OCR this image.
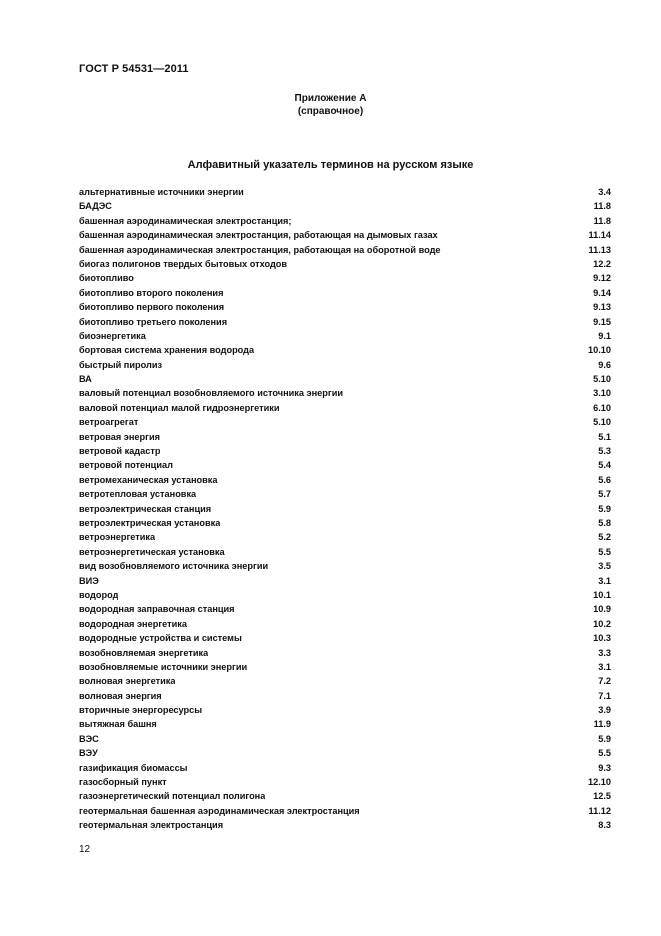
ГОСТ Р 54531—2011
Приложение А
(справочное)
Алфавитный указатель терминов на русском языке
альтернативные источники энергии	3.4
БАДЭС	11.8
башенная аэродинамическая электростанция;	11.8
башенная аэродинамическая электростанция, работающая на дымовых газах	11.14
башенная аэродинамическая электростанция, работающая на оборотной воде	11.13
биогаз полигонов твердых бытовых отходов	12.2
биотопливо	9.12
биотопливо второго поколения	9.14
биотопливо первого поколения	9.13
биотопливо третьего поколения	9.15
биоэнергетика	9.1
бортовая система хранения водорода	10.10
быстрый пиролиз	9.6
ВА	5.10
валовый потенциал возобновляемого источника энергии	3.10
валовой потенциал малой гидроэнергетики	6.10
ветроагрегат	5.10
ветровая энергия	5.1
ветровой кадастр	5.3
ветровой потенциал	5.4
ветромеханическая установка	5.6
ветротепловая установка	5.7
ветроэлектрическая станция	5.9
ветроэлектрическая установка	5.8
ветроэнергетика	5.2
ветроэнергетическая установка	5.5
вид возобновляемого источника энергии	3.5
ВИЭ	3.1
водород	10.1
водородная заправочная станция	10.9
водородная энергетика	10.2
водородные устройства и системы	10.3
возобновляемая энергетика	3.3
возобновляемые источники энергии	3.1
волновая энергетика	7.2
волновая энергия	7.1
вторичные энергоресурсы	3.9
вытяжная башня	11.9
ВЭС	5.9
ВЭУ	5.5
газификация биомассы	9.3
газосборный пункт	12.10
газоэнергетический потенциал полигона	12.5
геотермальная башенная аэродинамическая электростанция	11.12
геотермальная электростанция	8.3
12
